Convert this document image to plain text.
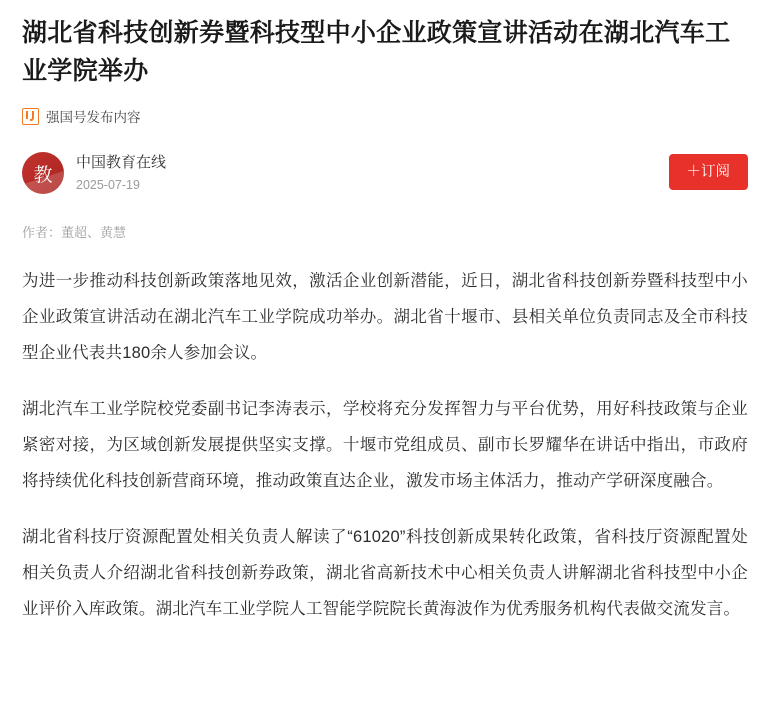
湖北省科技创新券暨科技型中小企业政策宣讲活动在湖北汽车工业学院举办
强国号发布内容
教
中国教育在线
2025-07-19
＋订阅
作者：董超、黄慧

为进一步推动科技创新政策落地见效，激活企业创新潜能，近日，湖北省科技创新券暨科技型中小企业政策宣讲活动在湖北汽车工业学院成功举办。湖北省十堰市、县相关单位负责同志及全市科技型企业代表共180余人参加会议。

湖北汽车工业学院校党委副书记李涛表示，学校将充分发挥智力与平台优势，用好科技政策与企业紧密对接，为区域创新发展提供坚实支撑。十堰市党组成员、副市长罗耀华在讲话中指出，市政府将持续优化科技创新营商环境，推动政策直达企业，激发市场主体活力，推动产学研深度融合。

湖北省科技厅资源配置处相关负责人解读了“61020”科技创新成果转化政策，省科技厅资源配置处相关负责人介绍湖北省科技创新券政策，湖北省高新技术中心相关负责人讲解湖北省科技型中小企业评价入库政策。湖北汽车工业学院人工智能学院院长黄海波作为优秀服务机构代表做交流发言。
